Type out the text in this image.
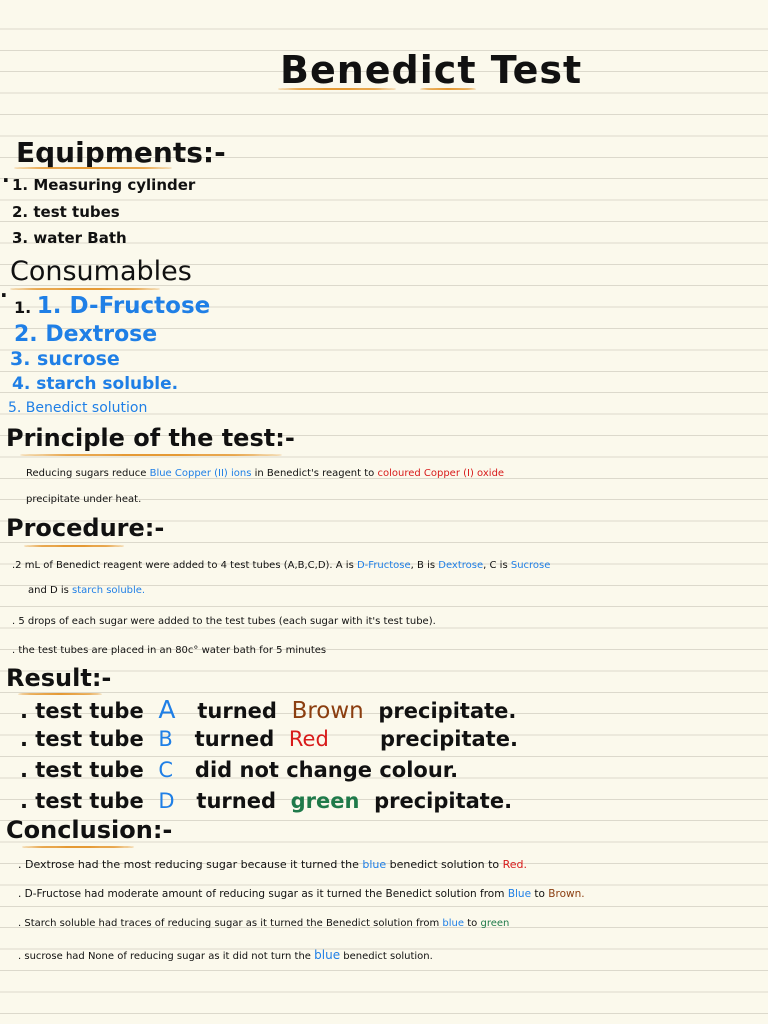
Benedict Test
Equipments:-
· 1. Measuring cylinder
2. test tubes
3. water Bath
Consumables
·
1. 1. D-Fructose
2. Dextrose
3. sucrose
4. starch soluble.
5. Benedict solution
Principle of the test:-
Reducing sugars reduce Blue Copper (II) ions in Benedict's reagent to coloured Copper (I) oxide
precipitate under heat.
Procedure:-
.2 mL of Benedict reagent were added to 4 test tubes (A,B,C,D). A is D-Fructose, B is Dextrose, C is Sucrose
and D is starch soluble.
. 5 drops of each sugar were added to the test tubes (each sugar with it's test tube).
. the test tubes are placed in an 80c° water bath for 5 minutes
Result:-
. test tube A turned Brown precipitate.
. test tube B turned Red precipitate.
. test tube C did not change colour.
. test tube D turned green precipitate.
Conclusion:-
. Dextrose had the most reducing sugar because it turned the blue benedict solution to Red.
. D-Fructose had moderate amount of reducing sugar as it turned the Benedict solution from Blue to Brown.
. Starch soluble had traces of reducing sugar as it turned the Benedict solution from blue to green
. sucrose had None of reducing sugar as it did not turn the blue benedict solution.
